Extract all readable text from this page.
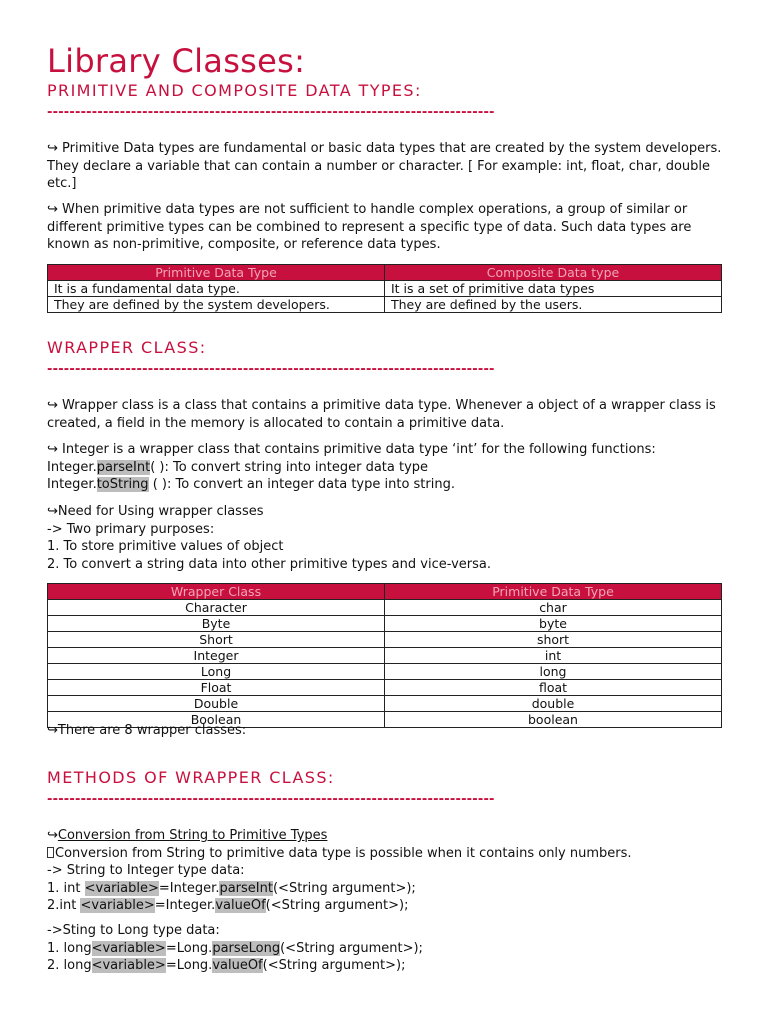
Library Classes:
PRIMITIVE AND COMPOSITE DATA TYPES:
--------------------------------------------------------------------------------

↪ Primitive Data types are fundamental or basic data types that are created by the system developers. They declare a variable that can contain a number or character. [ For example: int, float, char, double etc.]

↪ When primitive data types are not sufficient to handle complex operations, a group of similar or different primitive types can be combined to represent a specific type of data. Such data types are known as non-primitive, composite, or reference data types.

Primitive Data Type	Composite Data type
It is a fundamental data type.	It is a set of primitive data types
They are defined by the system developers.	They are defined by the users.
WRAPPER CLASS:
--------------------------------------------------------------------------------

↪ Wrapper class is a class that contains a primitive data type. Whenever a object of a wrapper class is created, a field in the memory is allocated to contain a primitive data.

↪ Integer is a wrapper class that contains primitive data type ‘int’ for the following functions:
Integer.parseInt( ): To convert string into integer data type
Integer.toString ( ): To convert an integer data type into string.
↪Need for Using wrapper classes
-> Two primary purposes:
1. To store primitive values of object
2. To convert a string data into other primitive types and vice-versa.
Wrapper Class	Primitive Data Type
Character	char
Byte	byte
Short	short
Integer	int
Long	long
Float	float
Double	double
Boolean	boolean
↪There are 8 wrapper classes:
METHODS OF WRAPPER CLASS:
--------------------------------------------------------------------------------
↪Conversion from String to Primitive Types
Conversion from String to primitive data type is possible when it contains only numbers.
-> String to Integer type data:
1. int <variable>=Integer.parseInt(<String argument>);
2.int <variable>=Integer.valueOf(<String argument>);
->Sting to Long type data:
1. long<variable>=Long.parseLong(<String argument>);
2. long<variable>=Long.valueOf(<String argument>);
